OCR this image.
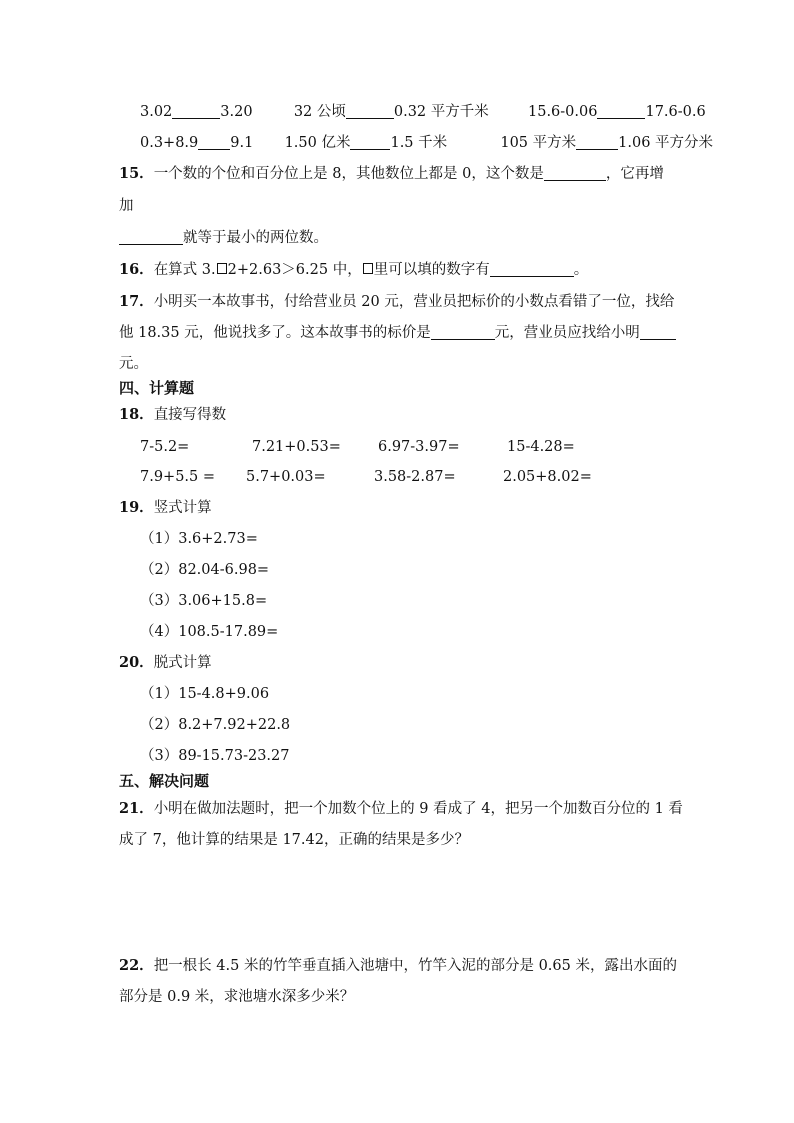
3.02	3.20	32 公顷	0.32 平方千米	15.6-0.06	17.6-0.6
0.3+8.9 9.1 1.50 亿米	1.5 千米	105 平方米	1.06 平方分米
15．一个数的个位和百分位上是 8，其他数位上都是 0，这个数是	，它再增
加
就等于最小的两位数。
16．在算式 3. 2+2.63＞6.25 中， 里可以填的数字有	。
17．小明买一本故事书，付给营业员 20 元，营业员把标价的小数点看错了一位，找给
他 18.35 元，他说找多了。这本故事书的标价是	元，营业员应找给小明
元。
四、计算题
18．直接写得数
7-5.2=	7.21+0.53=	6.97-3.97=	15-4.28=
7.9+5.5 = 5.7+0.03=	3.58-2.87=	2.05+8.02=
19．竖式计算
（1）3.6+2.73=
（2）82.04-6.98=
（3）3.06+15.8=
（4）108.5-17.89=
20．脱式计算
（1）15-4.8+9.06
（2）8.2+7.92+22.8
（3）89-15.73-23.27
五、解决问题
21．小明在做加法题时，把一个加数个位上的 9 看成了 4，把另一个加数百分位的 1 看
成了 7，他计算的结果是 17.42，正确的结果是多少？
22．把一根长 4.5 米的竹竿垂直插入池塘中，竹竿入泥的部分是 0.65 米，露出水面的
部分是 0.9 米，求池塘水深多少米？
